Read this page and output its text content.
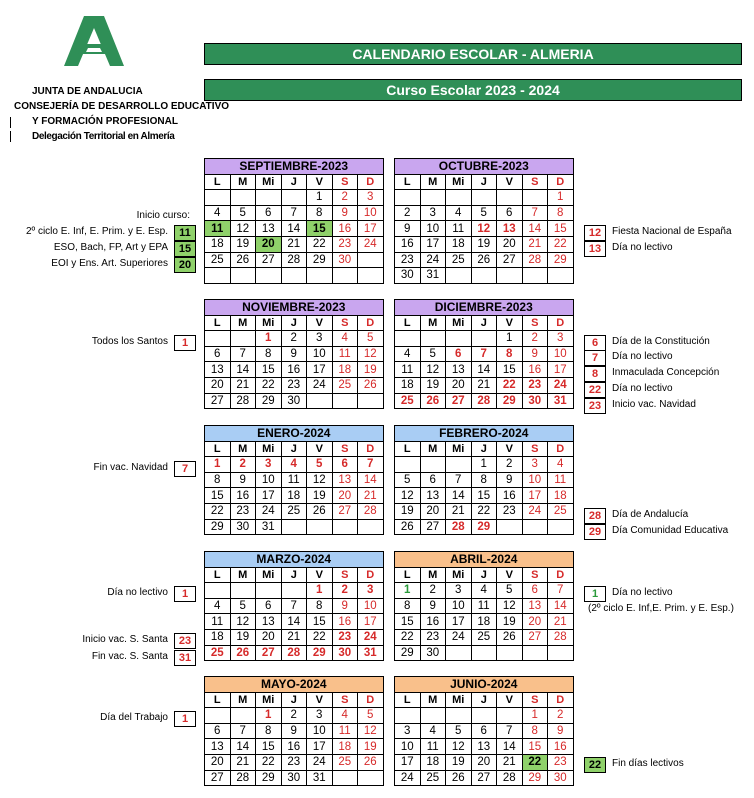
JUNTA DE ANDALUCIA
CONSEJERÍA DE DESARROLLO EDUCATIVO
Y FORMACIÓN PROFESIONAL
Delegación Territorial en Almería
CALENDARIO ESCOLAR - ALMERIA
Curso Escolar 2023 - 2024
SEPTIEMBRE-2023						
L	M	Mi	J	V	S	D
				1	2	3
4	5	6	7	8	9	10
11	12	13	14	15	16	17
18	19	20	21	22	23	24
25	26	27	28	29	30	

OCTUBRE-2023						
L	M	Mi	J	V	S	D
						1
2	3	4	5	6	7	8
9	10	11	12	13	14	15
16	17	18	19	20	21	22
23	24	25	26	27	28	29
30	31					
NOVIEMBRE-2023						
L	M	Mi	J	V	S	D
		1	2	3	4	5
6	7	8	9	10	11	12
13	14	15	16	17	18	19
20	21	22	23	24	25	26
27	28	29	30			
DICIEMBRE-2023						
L	M	Mi	J	V	S	D
				1	2	3
4	5	6	7	8	9	10
11	12	13	14	15	16	17
18	19	20	21	22	23	24
25	26	27	28	29	30	31
ENERO-2024						
L	M	Mi	J	V	S	D
1	2	3	4	5	6	7
8	9	10	11	12	13	14
15	16	17	18	19	20	21
22	23	24	25	26	27	28
29	30	31				
FEBRERO-2024						
L	M	Mi	J	V	S	D
			1	2	3	4
5	6	7	8	9	10	11
12	13	14	15	16	17	18
19	20	21	22	23	24	25
26	27	28	29			
MARZO-2024						
L	M	Mi	J	V	S	D
				1	2	3
4	5	6	7	8	9	10
11	12	13	14	15	16	17
18	19	20	21	22	23	24
25	26	27	28	29	30	31
ABRIL-2024						
L	M	Mi	J	V	S	D
1	2	3	4	5	6	7
8	9	10	11	12	13	14
15	16	17	18	19	20	21
22	23	24	25	26	27	28
29	30					
MAYO-2024						
L	M	Mi	J	V	S	D
		1	2	3	4	5
6	7	8	9	10	11	12
13	14	15	16	17	18	19
20	21	22	23	24	25	26
27	28	29	30	31		
JUNIO-2024						
L	M	Mi	J	V	S	D
					1	2
3	4	5	6	7	8	9
10	11	12	13	14	15	16
17	18	19	20	21	22	23
24	25	26	27	28	29	30
Inicio curso:
2º ciclo E. Inf, E. Prim. y E. Esp.	11
ESO, Bach, FP, Art y EPA 15
EOI y Ens. Art. Superiores 20
Todos los Santos	1
Fin vac. Navidad	7
Día no lectivo	1
Inicio vac. S. Santa 23
Fin vac. S. Santa 31
Día del Trabajo	1
12	Fiesta Nacional de España
13	Día no lectivo
6	Día de la Constitución
7	Día no lectivo
8	Inmaculada Concepción
22	Día no lectivo
23	Inicio vac. Navidad
28	Día de Andalucía
29	Día Comunidad Educativa
1	Día no lectivo
(2º ciclo E. Inf,E. Prim. y E. Esp.)
22	Fin días lectivos
